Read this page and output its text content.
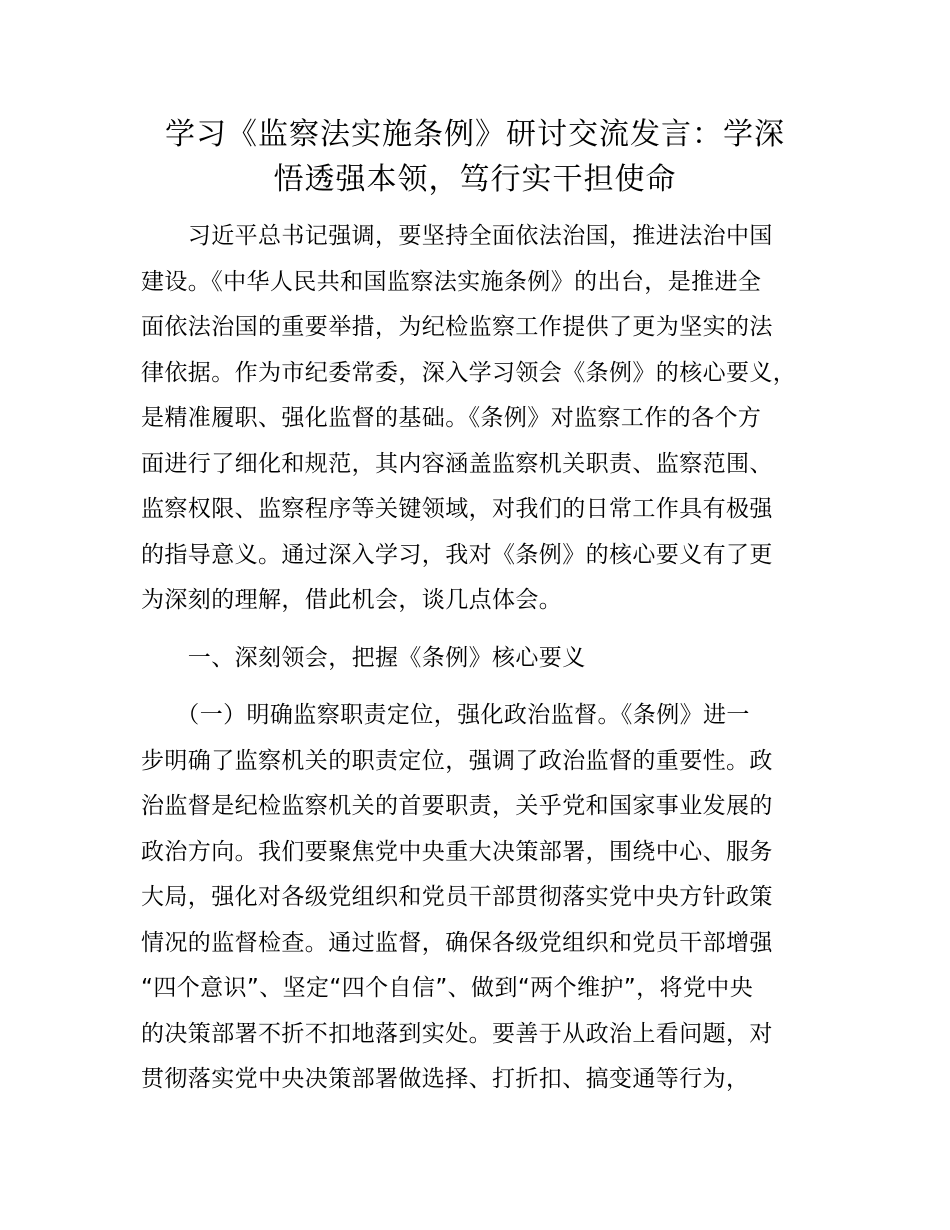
学习《监察法实施条例》研讨交流发言：学深
悟透强本领，笃行实干担使命
　　习近平总书记强调，要坚持全面依法治国，推进法治中国
建设。《中华人民共和国监察法实施条例》的出台，是推进全
面依法治国的重要举措，为纪检监察工作提供了更为坚实的法
律依据。作为市纪委常委，深入学习领会《条例》的核心要义，
是精准履职、强化监督的基础。《条例》对监察工作的各个方
面进行了细化和规范，其内容涵盖监察机关职责、监察范围、
监察权限、监察程序等关键领域，对我们的日常工作具有极强
的指导意义。通过深入学习，我对《条例》的核心要义有了更
为深刻的理解，借此机会，谈几点体会。
　　一、深刻领会，把握《条例》核心要义
　　（一）明确监察职责定位，强化政治监督。《条例》进一
步明确了监察机关的职责定位，强调了政治监督的重要性。政
治监督是纪检监察机关的首要职责，关乎党和国家事业发展的
政治方向。我们要聚焦党中央重大决策部署，围绕中心、服务
大局，强化对各级党组织和党员干部贯彻落实党中央方针政策
情况的监督检查。通过监督，确保各级党组织和党员干部增强
“四个意识”、坚定“四个自信”、做到“两个维护”，将党中央
的决策部署不折不扣地落到实处。要善于从政治上看问题，对
贯彻落实党中央决策部署做选择、打折扣、搞变通等行为，
